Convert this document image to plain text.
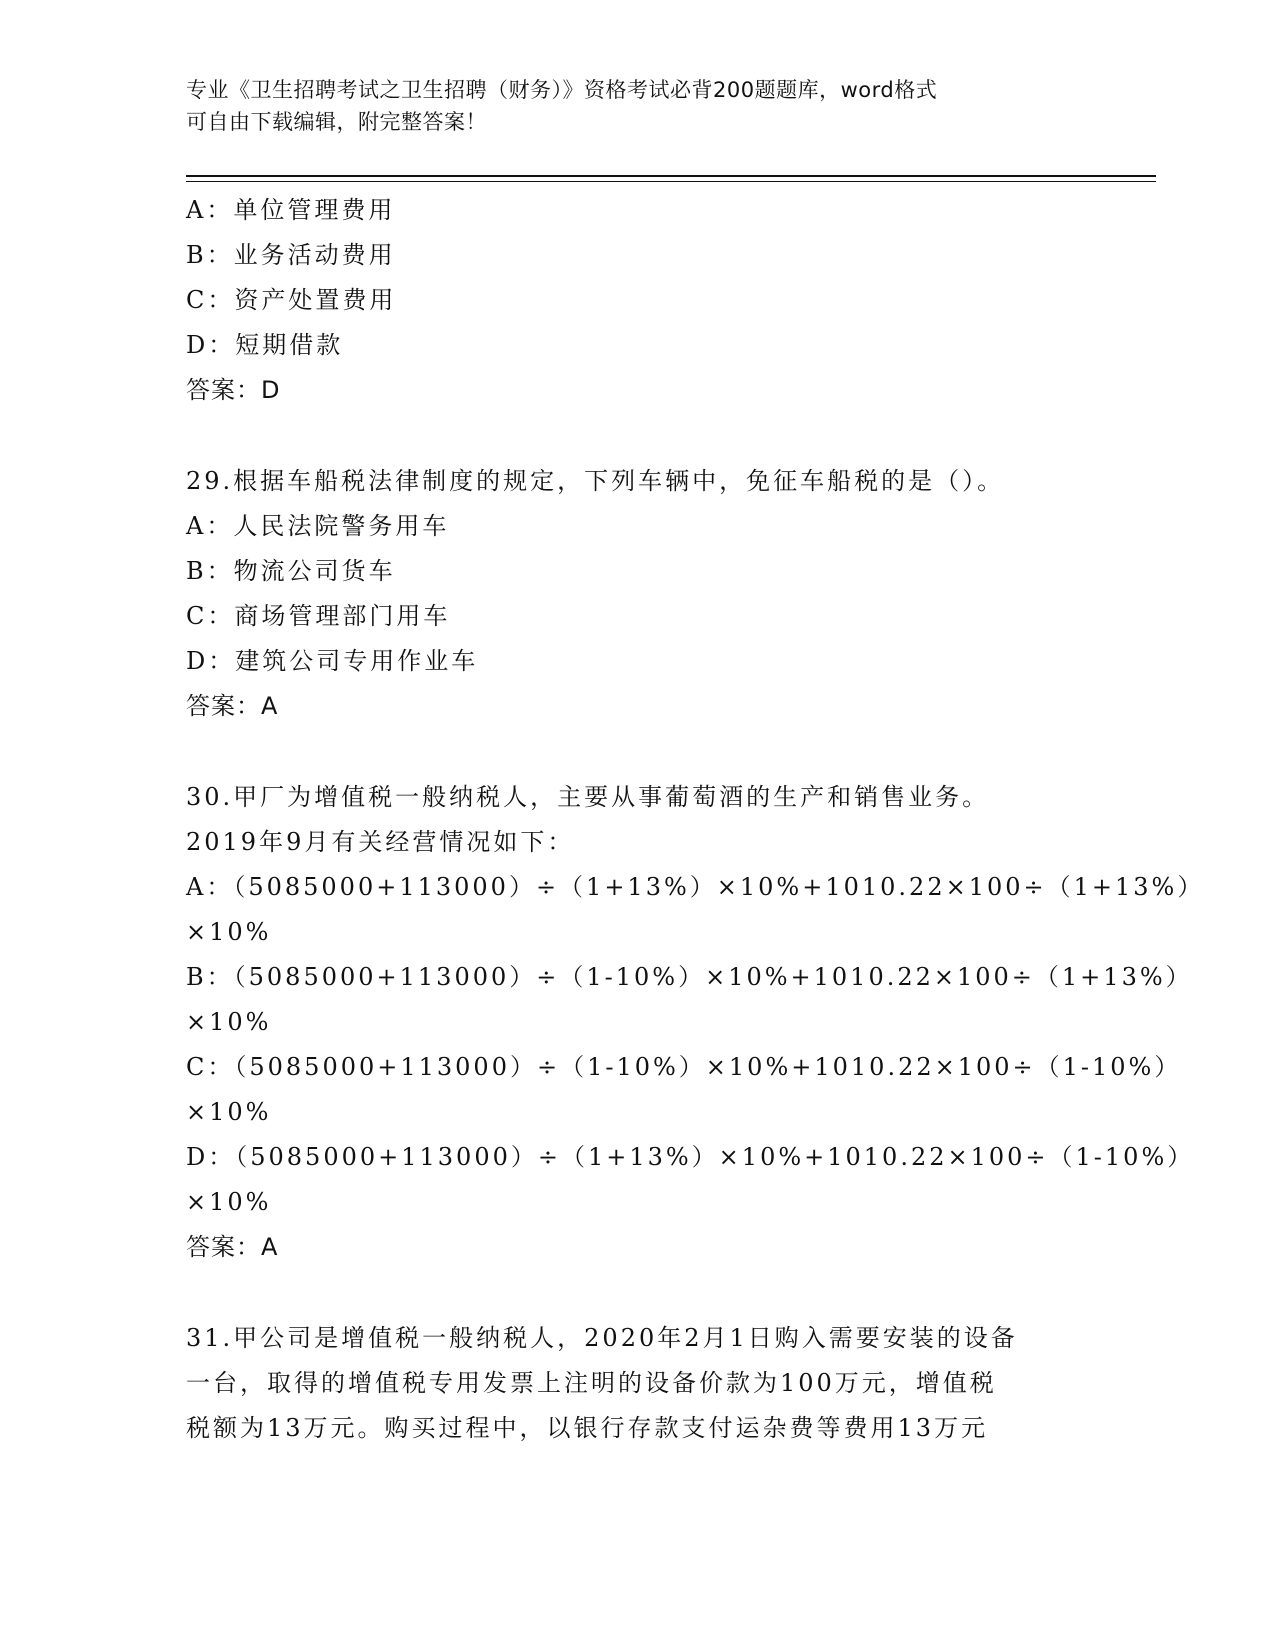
专业《卫生招聘考试之卫生招聘（财务）》资格考试必背200题题库，word格式
可自由下载编辑，附完整答案！
A：单位管理费用
B：业务活动费用
C：资产处置费用
D：短期借款
答案：D
29.根据车船税法律制度的规定，下列车辆中，免征车船税的是（）。
A：人民法院警务用车
B：物流公司货车
C：商场管理部门用车
D：建筑公司专用作业车
答案：A
30.甲厂为增值税一般纳税人，主要从事葡萄酒的生产和销售业务。
2019年9月有关经营情况如下：
A：（5085000+113000）÷（1+13%）×10%+1010.22×100÷（1+13%）
×10%
B：（5085000+113000）÷（1-10%）×10%+1010.22×100÷（1+13%）
×10%
C：（5085000+113000）÷（1-10%）×10%+1010.22×100÷（1-10%）
×10%
D：（5085000+113000）÷（1+13%）×10%+1010.22×100÷（1-10%）
×10%
答案：A
31.甲公司是增值税一般纳税人，2020年2月1日购入需要安装的设备
一台，取得的增值税专用发票上注明的设备价款为100万元，增值税
税额为13万元。购买过程中，以银行存款支付运杂费等费用13万元
